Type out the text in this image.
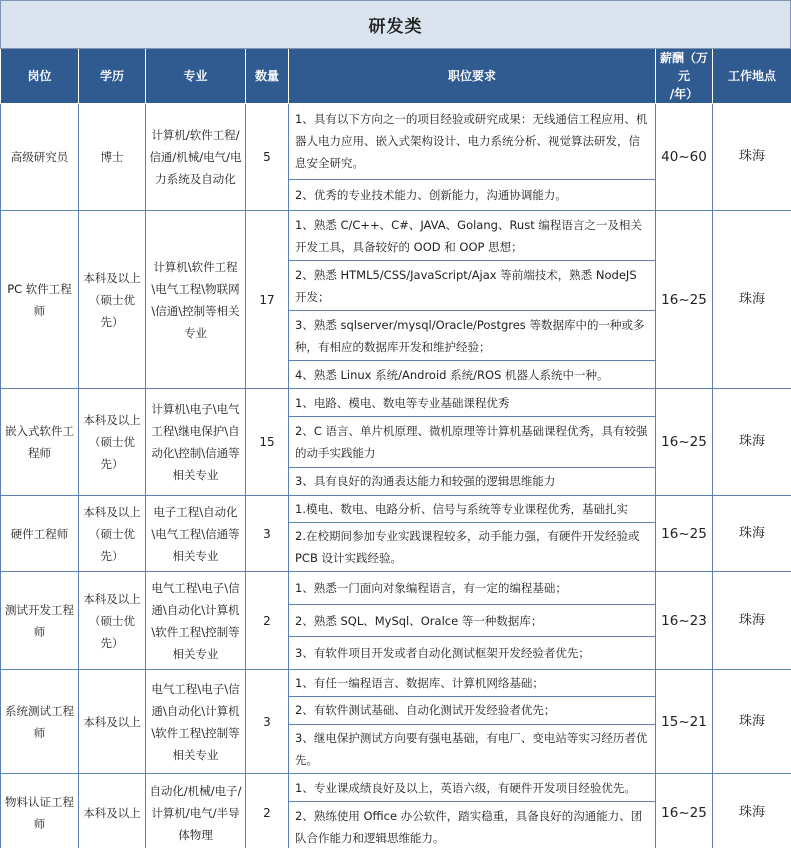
研发类
岗位	学历	专业	数量	职位要求	薪酬（万元
/年）	工作地点
高级研究员	博士	计算机/软件工程/信通/机械/电气/电力系统及自动化	5	1、具有以下方向之一的项目经验或研究成果：无线通信工程应用、机器人电力应用、嵌入式架构设计、电力系统分析、视觉算法研发，信息安全研究。
2、优秀的专业技术能力、创新能力，沟通协调能力。	40~60	珠海
PC 软件工程师	本科及以上（硕士优先）	计算机\软件工程\电气工程\物联网\信通\控制等相关专业	17	1、熟悉 C/C++、C#、JAVA、Golang、Rust 编程语言之一及相关开发工具，具备较好的 OOD 和 OOP 思想；
2、熟悉 HTML5/CSS/JavaScript/Ajax 等前端技术，熟悉 NodeJS 开发；
3、熟悉 sqlserver/mysql/Oracle/Postgres 等数据库中的一种或多种，有相应的数据库开发和维护经验；
4、熟悉 Linux 系统/Android 系统/ROS 机器人系统中一种。	16~25	珠海
嵌入式软件工程师	本科及以上（硕士优先）	计算机\电子\电气工程\继电保护\自动化\控制\信通等相关专业	15	1、电路、模电、数电等专业基础课程优秀
2、C 语言、单片机原理、微机原理等计算机基础课程优秀，具有较强的动手实践能力
3、具有良好的沟通表达能力和较强的逻辑思维能力	16~25	珠海
硬件工程师	本科及以上（硕士优先）	电子工程\自动化\电气工程\信通等相关专业	3	1.模电、数电、电路分析、信号与系统等专业课程优秀，基础扎实
2.在校期间参加专业实践课程较多，动手能力强，有硬件开发经验或PCB 设计实践经验。	16~25	珠海
测试开发工程师	本科及以上（硕士优先）	电气工程\电子\信通\自动化\计算机\软件工程\控制等相关专业	2	1、熟悉一门面向对象编程语言，有一定的编程基础；
2、熟悉 SQL、MySql、Oralce 等一种数据库；
3、有软件项目开发或者自动化测试框架开发经验者优先；	16~23	珠海
系统测试工程师	本科及以上	电气工程\电子\信通\自动化\计算机\软件工程\控制等相关专业	3	1、有任一编程语言、数据库、计算机网络基础；
2、有软件测试基础、自动化测试开发经验者优先；
3、继电保护测试方向要有强电基础，有电厂、变电站等实习经历者优先。	15~21	珠海
物料认证工程师	本科及以上	自动化/机械/电子/计算机/电气/半导体物理	2	1、专业课成绩良好及以上，英语六级，有硬件开发项目经验优先。
2、熟练使用 Office 办公软件，踏实稳重，具备良好的沟通能力、团队合作能力和逻辑思维能力。	16~25	珠海
